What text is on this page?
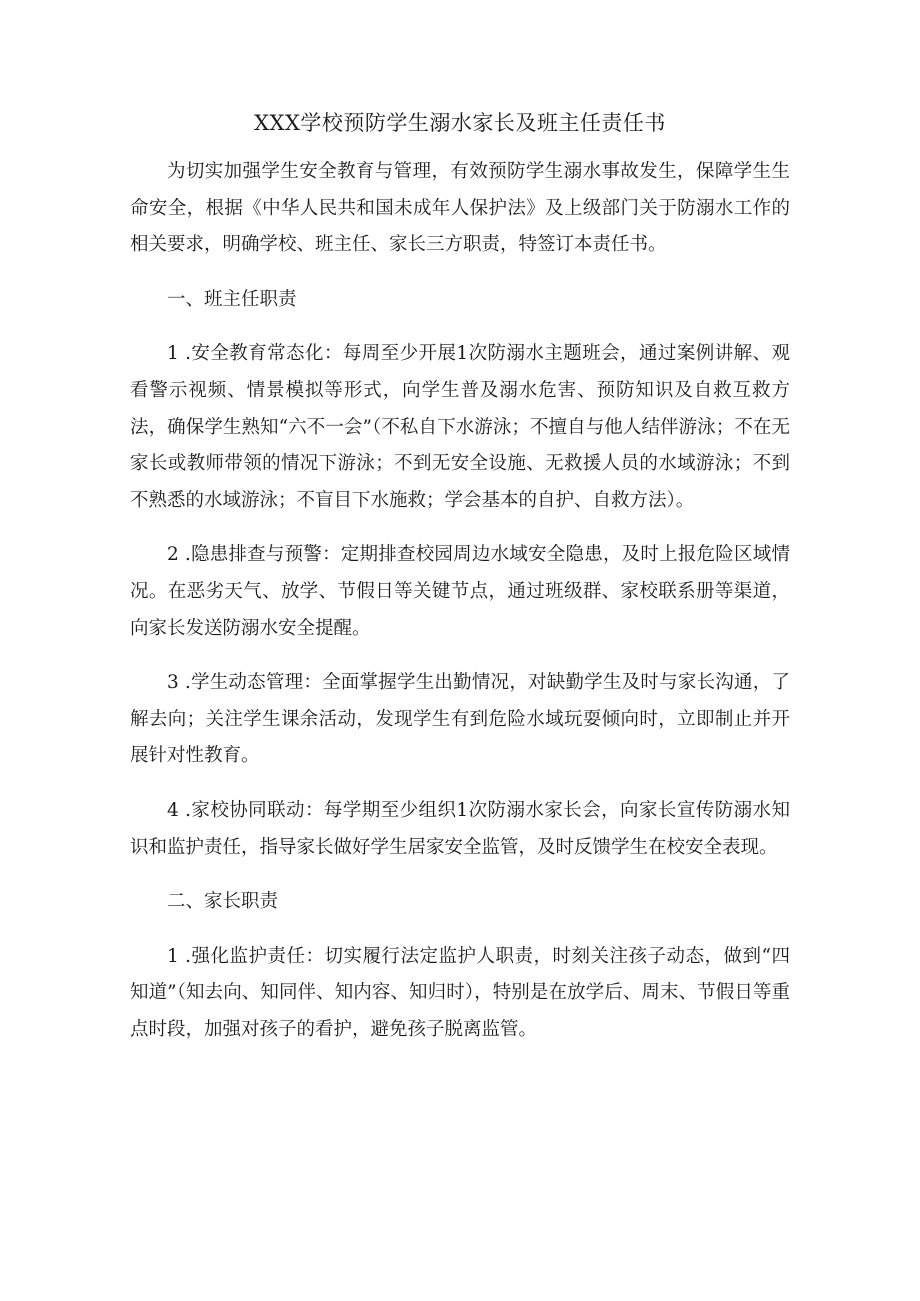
XXX学校预防学生溺水家长及班主任责任书

为切实加强学生安全教育与管理，有效预防学生溺水事故发生，保障学生生命安全，根据《中华人民共和国未成年人保护法》及上级部门关于防溺水工作的相关要求，明确学校、班主任、家长三方职责，特签订本责任书。

一、班主任职责

1 .安全教育常态化：每周至少开展1次防溺水主题班会，通过案例讲解、观看警示视频、情景模拟等形式，向学生普及溺水危害、预防知识及自救互救方法，确保学生熟知“六不一会”（不私自下水游泳；不擅自与他人结伴游泳；不在无家长或教师带领的情况下游泳；不到无安全设施、无救援人员的水域游泳；不到不熟悉的水域游泳；不盲目下水施救；学会基本的自护、自救方法）。

2 .隐患排查与预警：定期排查校园周边水域安全隐患，及时上报危险区域情况。在恶劣天气、放学、节假日等关键节点，通过班级群、家校联系册等渠道，向家长发送防溺水安全提醒。

3 .学生动态管理：全面掌握学生出勤情况，对缺勤学生及时与家长沟通，了解去向；关注学生课余活动，发现学生有到危险水域玩耍倾向时，立即制止并开展针对性教育。

4 .家校协同联动：每学期至少组织1次防溺水家长会，向家长宣传防溺水知识和监护责任，指导家长做好学生居家安全监管，及时反馈学生在校安全表现。

二、家长职责

1 .强化监护责任：切实履行法定监护人职责，时刻关注孩子动态，做到“四知道”（知去向、知同伴、知内容、知归时），特别是在放学后、周末、节假日等重点时段，加强对孩子的看护，避免孩子脱离监管。
